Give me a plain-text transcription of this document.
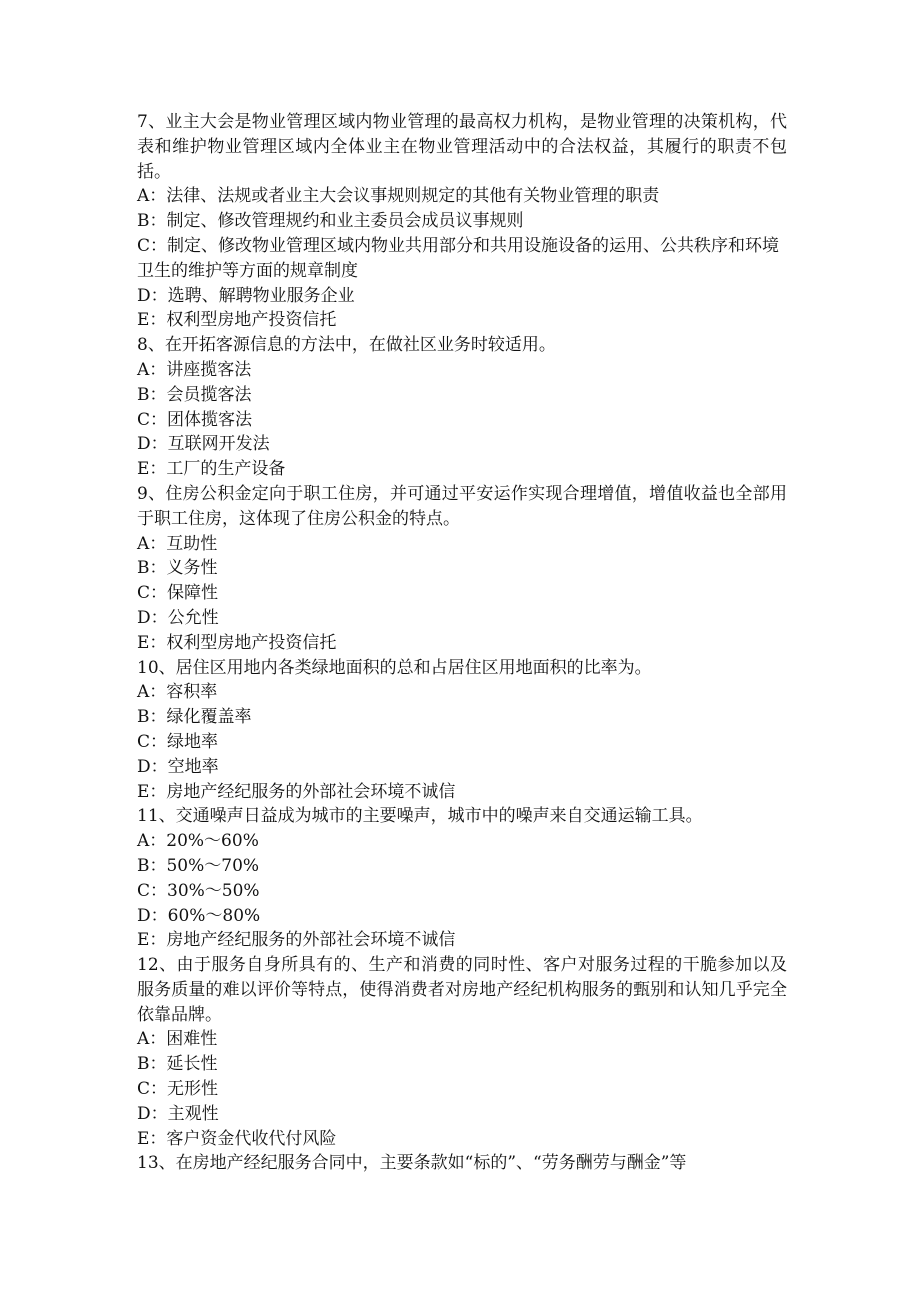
7、业主大会是物业管理区域内物业管理的最高权力机构，是物业管理的决策机构，代表和维护物业管理区域内全体业主在物业管理活动中的合法权益，其履行的职责不包括。

A：法律、法规或者业主大会议事规则规定的其他有关物业管理的职责

B：制定、修改管理规约和业主委员会成员议事规则

C：制定、修改物业管理区域内物业共用部分和共用设施设备的运用、公共秩序和环境卫生的维护等方面的规章制度

D：选聘、解聘物业服务企业

E：权利型房地产投资信托

8、在开拓客源信息的方法中，在做社区业务时较适用。

A：讲座揽客法

B：会员揽客法

C：团体揽客法

D：互联网开发法

E：工厂的生产设备

9、住房公积金定向于职工住房，并可通过平安运作实现合理增值，增值收益也全部用于职工住房，这体现了住房公积金的特点。

A：互助性

B：义务性

C：保障性

D：公允性

E：权利型房地产投资信托

10、居住区用地内各类绿地面积的总和占居住区用地面积的比率为。

A：容积率

B：绿化覆盖率

C：绿地率

D：空地率

E：房地产经纪服务的外部社会环境不诚信

11、交通噪声日益成为城市的主要噪声，城市中的噪声来自交通运输工具。

A：20%～60%

B：50%～70%

C：30%～50%

D：60%～80%

E：房地产经纪服务的外部社会环境不诚信

12、由于服务自身所具有的、生产和消费的同时性、客户对服务过程的干脆参加以及服务质量的难以评价等特点，使得消费者对房地产经纪机构服务的甄别和认知几乎完全依靠品牌。

A：困难性

B：延长性

C：无形性

D：主观性

E：客户资金代收代付风险

13、在房地产经纪服务合同中，主要条款如“标的”、“劳务酬劳与酬金”等
